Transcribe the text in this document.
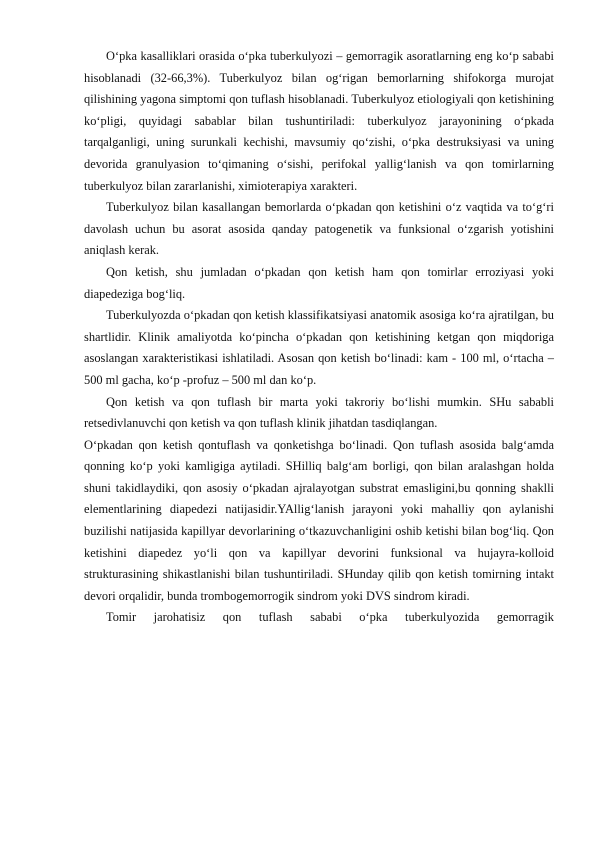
O‘pka kasalliklari orasida o‘pka tuberkulyozi – gemorragik asoratlarning eng ko‘p sababi hisoblanadi (32-66,3%). Tuberkulyoz bilan og‘rigan bemorlarning shifokorga murojat qilishining yagona simptomi qon tuflash hisoblanadi. Tuberkulyoz etiologiyali qon ketishining ko‘pligi, quyidagi sabablar bilan tushuntiriladi: tuberkulyoz jarayonining o‘pkada tarqalganligi, uning surunkali kechishi, mavsumiy qo‘zishi, o‘pka destruksiyasi va uning devorida granulyasion to‘qimaning o‘sishi, perifokal yallig‘lanish va qon tomirlarning tuberkulyoz bilan zararlanishi, ximioterapiya xarakteri.

Tuberkulyoz bilan kasallangan bemorlarda o‘pkadan qon ketishini o‘z vaqtida va to‘g‘ri davolash uchun bu asorat asosida qanday patogenetik va funksional o‘zgarish yotishini aniqlash kerak.

Qon ketish, shu jumladan o‘pkadan qon ketish ham qon tomirlar erroziyasi yoki diapedeziga bog‘liq.

Tuberkulyozda o‘pkadan qon ketish klassifikatsiyasi anatomik asosiga ko‘ra ajratilgan, bu shartlidir. Klinik amaliyotda ko‘pincha o‘pkadan qon ketishining ketgan qon miqdoriga asoslangan xarakteristikasi ishlatiladi. Asosan qon ketish bo‘linadi: kam - 100 ml, o‘rtacha – 500 ml gacha, ko‘p -profuz – 500 ml dan ko‘p.

Qon ketish va qon tuflash bir marta yoki takroriy bo‘lishi mumkin. SHu sababli retsedivlanuvchi qon ketish va qon tuflash klinik jihatdan tasdiqlangan.

O‘pkadan qon ketish qontuflash va qonketishga bo‘linadi. Qon tuflash asosida balg‘amda qonning ko‘p yoki kamligiga aytiladi. SHilliq balg‘am borligi, qon bilan aralashgan holda shuni takidlaydiki, qon asosiy o‘pkadan ajralayotgan substrat emasligini,bu qonning shaklli elementlarining diapedezi natijasidir.YAllig‘lanish jarayoni yoki mahalliy qon aylanishi buzilishi natijasida kapillyar devorlarining o‘tkazuvchanligini oshib ketishi bilan bog‘liq. Qon ketishini diapedez yo‘li qon va kapillyar devorini funksional va hujayra-kolloid strukturasining shikastlanishi bilan tushuntiriladi. SHunday qilib qon ketish tomirning intakt devori orqalidir, bunda trombogemorrogik sindrom yoki DVS sindrom kiradi.

Tomir jarohatisiz qon tuflash sababi o‘pka tuberkulyozida gemorragik
